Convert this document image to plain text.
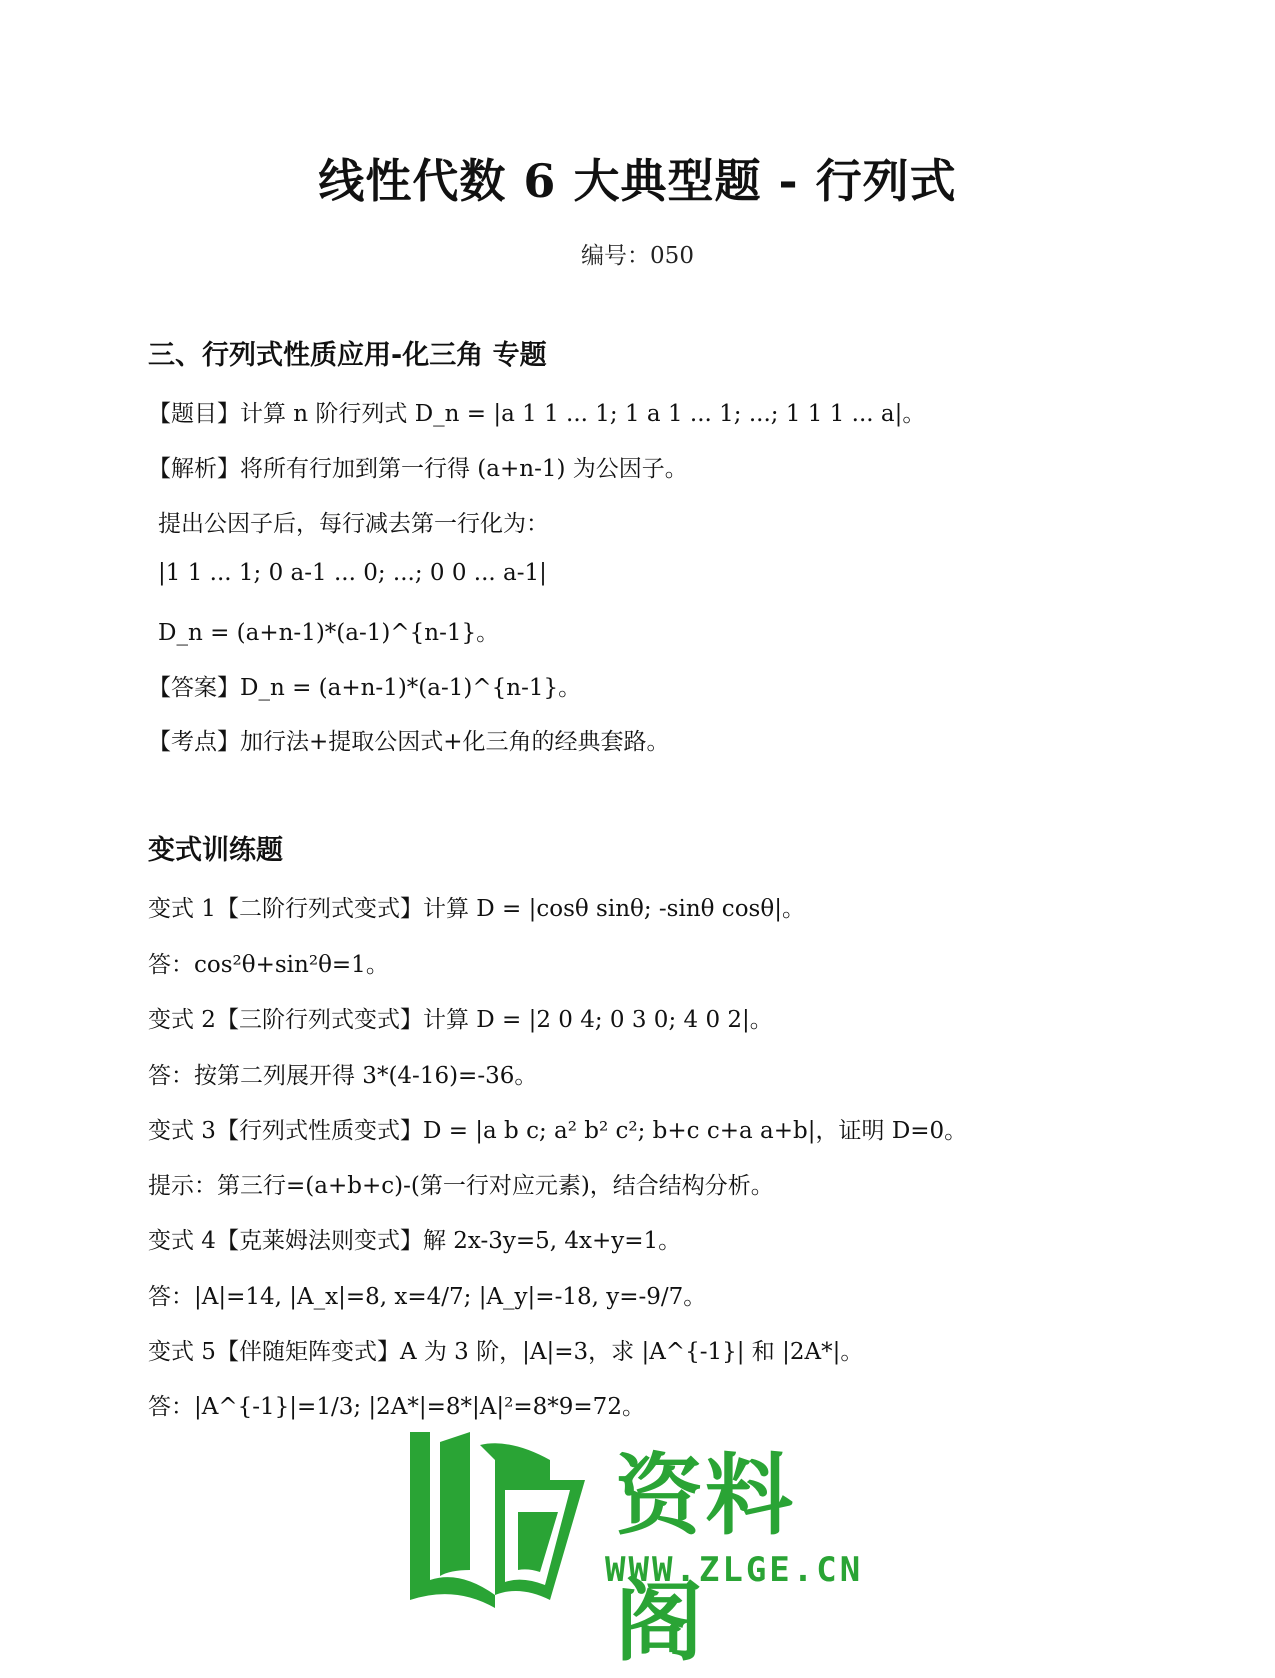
线性代数 6 大典型题 - 行列式
编号：050
三、行列式性质应用-化三角 专题
【题目】计算 n 阶行列式 D_n = |a 1 1 ... 1; 1 a 1 ... 1; ...; 1 1 1 ... a|。
【解析】将所有行加到第一行得 (a+n-1) 为公因子。
提出公因子后，每行减去第一行化为：
|1 1 ... 1; 0 a-1 ... 0; ...; 0 0 ... a-1|
D_n = (a+n-1)*(a-1)^{n-1}。
【答案】D_n = (a+n-1)*(a-1)^{n-1}。
【考点】加行法+提取公因式+化三角的经典套路。
变式训练题
变式 1【二阶行列式变式】计算 D = |cosθ sinθ; -sinθ cosθ|。
答：cos²θ+sin²θ=1。
变式 2【三阶行列式变式】计算 D = |2 0 4; 0 3 0; 4 0 2|。
答：按第二列展开得 3*(4-16)=-36。
变式 3【行列式性质变式】D = |a b c; a² b² c²; b+c c+a a+b|，证明 D=0。
提示：第三行=(a+b+c)-(第一行对应元素)，结合结构分析。
变式 4【克莱姆法则变式】解 2x-3y=5, 4x+y=1。
答：|A|=14, |A_x|=8, x=4/7; |A_y|=-18, y=-9/7。
变式 5【伴随矩阵变式】A 为 3 阶，|A|=3，求 |A^{-1}| 和 |2A*|。
答：|A^{-1}|=1/3; |2A*|=8*|A|²=8*9=72。
资料阁
WWW.ZLGE.CN
